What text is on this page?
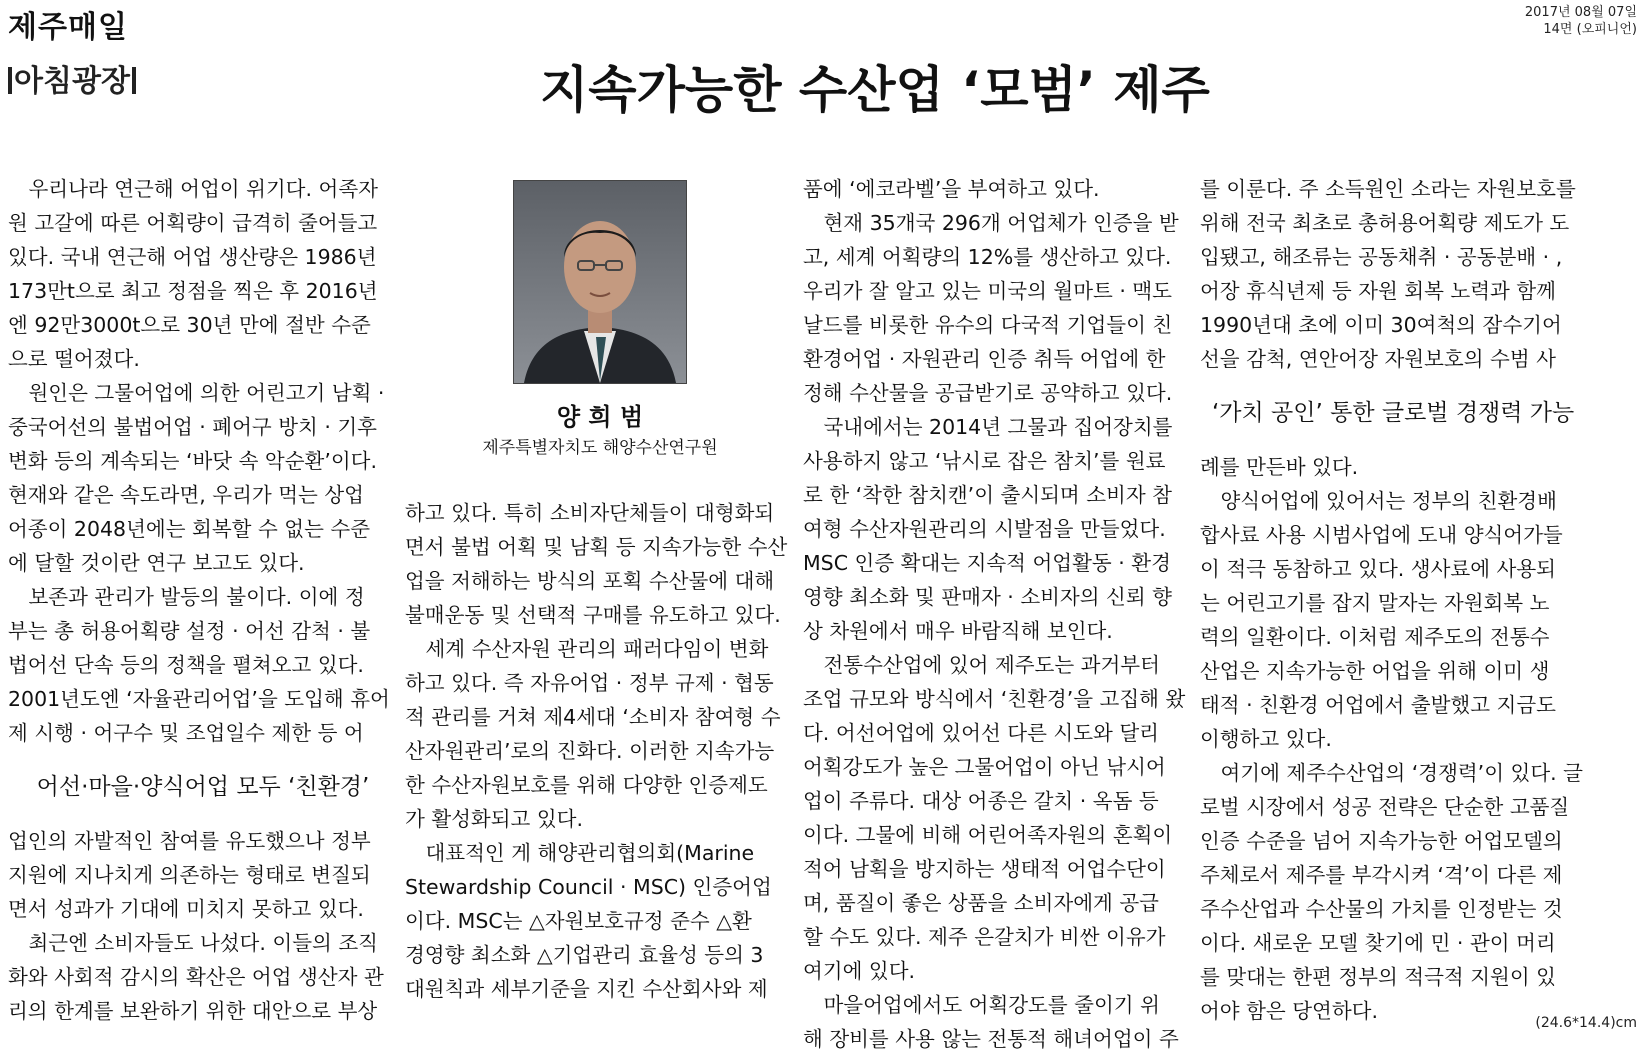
제주매일	2017년 08월 07일
14면 (오피니언)
아침광장	지속가능한 수산업 ‘모범’ 제주

　우리나라 연근해 어업이 위기다. 어족자

원 고갈에 따른 어획량이 급격히 줄어들고

있다. 국내 연근해 어업 생산량은 1986년

173만t으로 최고 정점을 찍은 후 2016년

엔 92만3000t으로 30년 만에 절반 수준

으로 떨어졌다.

　원인은 그물어업에 의한 어린고기 남획 ·

중국어선의 불법어업 · 폐어구 방치 · 기후

변화 등의 계속되는 ‘바닷 속 악순환’이다.

현재와 같은 속도라면, 우리가 먹는 상업

어종이 2048년에는 회복할 수 없는 수준

에 달할 것이란 연구 보고도 있다.

　보존과 관리가 발등의 불이다. 이에 정

부는 총 허용어획량 설정 · 어선 감척 · 불

법어선 단속 등의 정책을 펼쳐오고 있다.

2001년도엔 ‘자율관리어업’을 도입해 휴어

제 시행 · 어구수 및 조업일수 제한 등 어

어선·마을·양식어업 모두 ‘친환경’

업인의 자발적인 참여를 유도했으나 정부

지원에 지나치게 의존하는 형태로 변질되

면서 성과가 기대에 미치지 못하고 있다.

　최근엔 소비자들도 나섰다. 이들의 조직

화와 사회적 감시의 확산은 어업 생산자 관

리의 한계를 보완하기 위한 대안으로 부상

양 희 범
제주특별자치도 해양수산연구원

하고 있다. 특히 소비자단체들이 대형화되

면서 불법 어획 및 남획 등 지속가능한 수산

업을 저해하는 방식의 포획 수산물에 대해

불매운동 및 선택적 구매를 유도하고 있다.

　세계 수산자원 관리의 패러다임이 변화

하고 있다. 즉 자유어업 · 정부 규제 · 협동

적 관리를 거쳐 제4세대 ‘소비자 참여형 수

산자원관리’로의 진화다. 이러한 지속가능

한 수산자원보호를 위해 다양한 인증제도

가 활성화되고 있다.

　대표적인 게 해양관리협의회(Marine

Stewardship Council · MSC) 인증어업

이다. MSC는 △자원보호규정 준수 △환

경영향 최소화 △기업관리 효율성 등의 3

대원칙과 세부기준을 지킨 수산회사와 제

품에 ‘에코라벨’을 부여하고 있다.

　현재 35개국 296개 어업체가 인증을 받

고, 세계 어획량의 12%를 생산하고 있다.

우리가 잘 알고 있는 미국의 월마트 · 맥도

날드를 비롯한 유수의 다국적 기업들이 친

환경어업 · 자원관리 인증 취득 어업에 한

정해 수산물을 공급받기로 공약하고 있다.

　국내에서는 2014년 그물과 집어장치를

사용하지 않고 ‘낚시로 잡은 참치’를 원료

로 한 ‘착한 참치캔’이 출시되며 소비자 참

여형 수산자원관리의 시발점을 만들었다.

MSC 인증 확대는 지속적 어업활동 · 환경

영향 최소화 및 판매자 · 소비자의 신뢰 향

상 차원에서 매우 바람직해 보인다.

　전통수산업에 있어 제주도는 과거부터

조업 규모와 방식에서 ‘친환경’을 고집해 왔

다. 어선어업에 있어선 다른 시도와 달리

어획강도가 높은 그물어업이 아닌 낚시어

업이 주류다. 대상 어종은 갈치 · 옥돔 등

이다. 그물에 비해 어린어족자원의 혼획이

적어 남획을 방지하는 생태적 어업수단이

며, 품질이 좋은 상품을 소비자에게 공급

할 수도 있다. 제주 은갈치가 비싼 이유가

여기에 있다.

　마을어업에서도 어획강도를 줄이기 위

해 장비를 사용 않는 전통적 해녀어업이 주

를 이룬다. 주 소득원인 소라는 자원보호를

위해 전국 최초로 총허용어획량 제도가 도

입됐고, 해조류는 공동채취 · 공동분배 · ,

어장 휴식년제 등 자원 회복 노력과 함께

1990년대 초에 이미 30여척의 잠수기어

선을 감척, 연안어장 자원보호의 수범 사

‘가치 공인’ 통한 글로벌 경쟁력 가능

례를 만든바 있다.

　양식어업에 있어서는 정부의 친환경배

합사료 사용 시범사업에 도내 양식어가들

이 적극 동참하고 있다. 생사료에 사용되

는 어린고기를 잡지 말자는 자원회복 노

력의 일환이다. 이처럼 제주도의 전통수

산업은 지속가능한 어업을 위해 이미 생

태적 · 친환경 어업에서 출발했고 지금도

이행하고 있다.

　여기에 제주수산업의 ‘경쟁력’이 있다. 글

로벌 시장에서 성공 전략은 단순한 고품질

인증 수준을 넘어 지속가능한 어업모델의

주체로서 제주를 부각시켜 ‘격’이 다른 제

주수산업과 수산물의 가치를 인정받는 것

이다. 새로운 모델 찾기에 민 · 관이 머리

를 맞대는 한편 정부의 적극적 지원이 있

어야 함은 당연하다.	(24.6*14.4)cm
